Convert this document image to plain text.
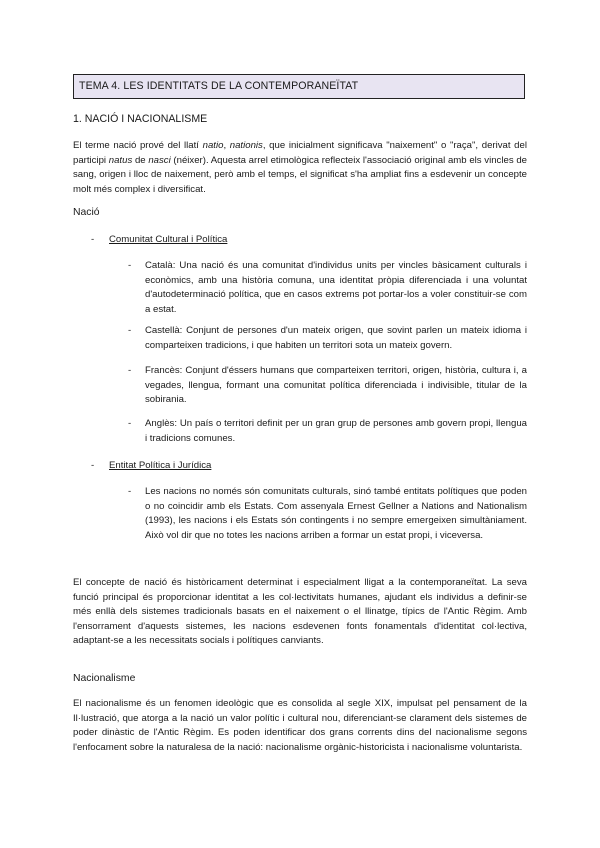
TEMA 4. LES IDENTITATS DE LA CONTEMPORANEÏTAT
1. NACIÓ I NACIONALISME

El terme nació prové del llatí natio, nationis, que inicialment significava "naixement" o "raça", derivat del participi natus de nasci (néixer). Aquesta arrel etimològica reflecteix l'associació original amb els vincles de sang, origen i lloc de naixement, però amb el temps, el significat s'ha ampliat fins a esdevenir un concepte molt més complex i diversificat.

Nació
- Comunitat Cultural i Política
- Català: Una nació és una comunitat d'individus units per vincles bàsicament culturals i econòmics, amb una història comuna, una identitat pròpia diferenciada i una voluntat d'autodeterminació política, que en casos extrems pot portar-los a voler constituir-se com a estat.

- Castellà: Conjunt de persones d'un mateix origen, que sovint parlen un mateix idioma i comparteixen tradicions, i que habiten un territori sota un mateix govern.

- Francès: Conjunt d'éssers humans que comparteixen territori, origen, història, cultura i, a vegades, llengua, formant una comunitat política diferenciada i indivisible, titular de la sobirania.

- Anglès: Un país o territori definit per un gran grup de persones amb govern propi, llengua i tradicions comunes.

- Entitat Política i Jurídica
- Les nacions no només són comunitats culturals, sinó també entitats polítiques que poden o no coincidir amb els Estats. Com assenyala Ernest Gellner a Nations and Nationalism (1993), les nacions i els Estats són contingents i no sempre emergeixen simultàniament. Això vol dir que no totes les nacions arriben a formar un estat propi, i viceversa.

El concepte de nació és històricament determinat i especialment lligat a la contemporaneïtat. La seva funció principal és proporcionar identitat a les col·lectivitats humanes, ajudant els individus a definir-se més enllà dels sistemes tradicionals basats en el naixement o el llinatge, típics de l'Antic Règim. Amb l'ensorrament d'aquests sistemes, les nacions esdevenen fonts fonamentals d'identitat col·lectiva, adaptant-se a les necessitats socials i polítiques canviants.

Nacionalisme

El nacionalisme és un fenomen ideològic que es consolida al segle XIX, impulsat pel pensament de la Il·lustració, que atorga a la nació un valor polític i cultural nou, diferenciant-se clarament dels sistemes de poder dinàstic de l'Antic Règim. Es poden identificar dos grans corrents dins del nacionalisme segons l'enfocament sobre la naturalesa de la nació: nacionalisme orgànic-historicista i nacionalisme voluntarista.
